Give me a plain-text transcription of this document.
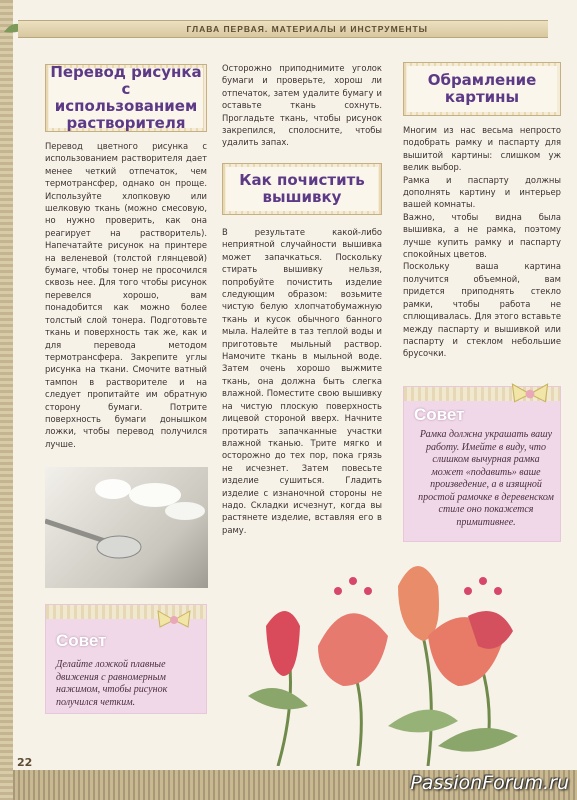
ГЛАВА ПЕРВАЯ. МАТЕРИАЛЫ И ИНСТРУМЕНТЫ
Перевод рисунка с использованием растворителя

Перевод цветного рисунка с использованием растворителя дает менее четкий отпечаток, чем термотрансфер, однако он проще. Используйте хлопковую или шелковую ткань (можно смесовую, но нужно проверить, как она реагирует на растворитель). Напечатайте рисунок на принтере на веленевой (толстой глянцевой) бумаге, чтобы тонер не просочился сквозь нее. Для того чтобы рисунок перевелся хорошо, вам понадобится как можно более толстый слой тонера. Подготовьте ткань и поверхность так же, как и для перевода методом термотрансфера. Закрепите углы рисунка на ткани. Смочите ватный тампон в растворителе и на следует пропитайте им обратную сторону бумаги. Потрите поверхность бумаги донышком ложки, чтобы перевод получился лучше.

Совет
Делайте ложкой плавные движения с равномерным нажимом, чтобы рисунок получился четким.

Осторожно приподнимите уголок бумаги и проверьте, хорош ли отпечаток, затем удалите бумагу и оставьте ткань сохнуть. Прогладьте ткань, чтобы рисунок закрепился, сполосните, чтобы удалить запах.

Как почистить вышивку

В результате какой-либо неприятной случайности вышивка может запачкаться. Поскольку стирать вышивку нельзя, попробуйте почистить изделие следующим образом: возьмите чистую белую хлопчатобумажную ткань и кусок обычного банного мыла. Налейте в таз теплой воды и приготовьте мыльный раствор. Намочите ткань в мыльной воде. Затем очень хорошо выжмите ткань, она должна быть слегка влажной. Поместите свою вышивку на чистую плоскую поверхность лицевой стороной вверх. Начните протирать запачканные участки влажной тканью. Трите мягко и осторожно до тех пор, пока грязь не исчезнет. Затем повесьте изделие сушиться. Гладить изделие с изнаночной стороны не надо. Складки исчезнут, когда вы растянете изделие, вставляя его в раму.

Обрамление картины

Многим из нас весьма непросто подобрать рамку и паспарту для вышитой картины: слишком уж велик выбор.

Рамка и паспарту должны дополнять картину и интерьер вашей комнаты.

Важно, чтобы видна была вышивка, а не рамка, поэтому лучше купить рамку и паспарту спокойных цветов.

Поскольку ваша картина получится объемной, вам придется приподнять стекло рамки, чтобы работа не сплющивалась. Для этого вставьте между паспарту и вышивкой или паспарту и стеклом небольшие брусочки.

Совет
Рамка должна украшать вашу работу. Имейте в виду, что слишком вычурная рамка может «подавить» ваше произведение, а в изящной простой рамочке в деревенском стиле оно покажется примитивнее.
22
PassionForum.ru
